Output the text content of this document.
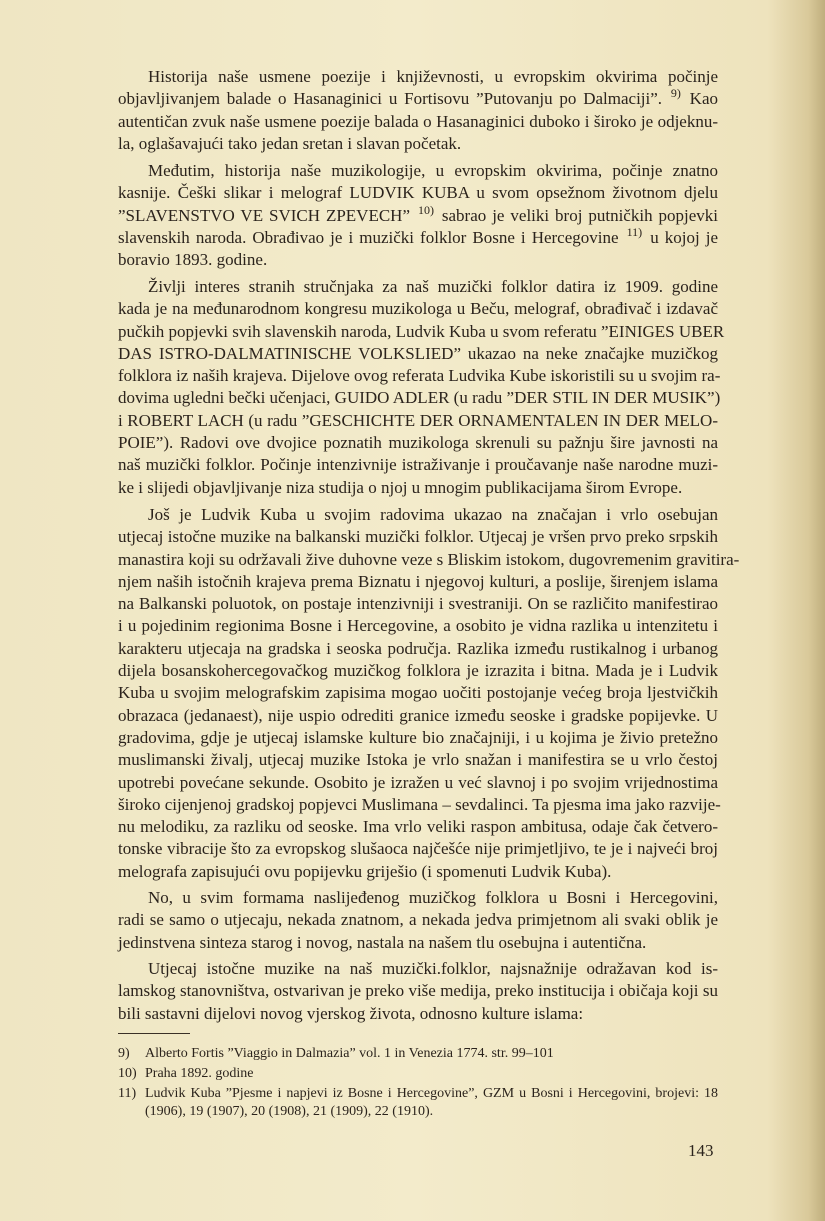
Historija naše usmene poezije i književnosti, u evropskim okvirima počinje
objavljivanjem balade o Hasanaginici u Fortisovu ”Putovanju po Dalmaciji”. $^{9)}$ Kao
autentičan zvuk naše usmene poezije balada o Hasanaginici duboko i široko je odjeknu-
la, oglašavajući tako jedan sretan i slavan početak.
Međutim, historija naše muzikologije, u evropskim okvirima, počinje znatno
kasnije. Češki slikar i melograf LUDVIK KUBA u svom opsežnom životnom djelu
”SLAVENSTVO VE SVICH ZPEVECH” $^{10)}$ sabrao je veliki broj putničkih popjevki
slavenskih naroda. Obrađivao je i muzički folklor Bosne i Hercegovine $^{11)}$ u kojoj je
boravio 1893. godine.
Življi interes stranih stručnjaka za naš muzički folklor datira iz 1909. godine
kada je na međunarodnom kongresu muzikologa u Beču, melograf, obrađivač i izdavač
pučkih popjevki svih slavenskih naroda, Ludvik Kuba u svom referatu ”EINIGES UBER
DAS ISTRO-DALMATINISCHE VOLKSLIED” ukazao na neke značajke muzičkog
folklora iz naših krajeva. Dijelove ovog referata Ludvika Kube iskoristili su u svojim ra-
dovima ugledni bečki učenjaci, GUIDO ADLER (u radu ”DER STIL IN DER MUSIK”)
i ROBERT LACH (u radu ”GESCHICHTE DER ORNAMENTALEN IN DER MELO-
POIE”). Radovi ove dvojice poznatih muzikologa skrenuli su pažnju šire javnosti na
naš muzički folklor. Počinje intenzivnije istraživanje i proučavanje naše narodne muzi-
ke i slijedi objavljivanje niza studija o njoj u mnogim publikacijama širom Evrope.
Još je Ludvik Kuba u svojim radovima ukazao na značajan i vrlo osebujan
utjecaj istočne muzike na balkanski muzički folklor. Utjecaj je vršen prvo preko srpskih
manastira koji su održavali žive duhovne veze s Bliskim istokom, dugovremenim gravitira-
njem naših istočnih krajeva prema Biznatu i njegovoj kulturi, a poslije, širenjem islama
na Balkanski poluotok, on postaje intenzivniji i svestraniji. On se različito manifestirao
i u pojedinim regionima Bosne i Hercegovine, a osobito je vidna razlika u intenzitetu i
karakteru utjecaja na gradska i seoska područja. Razlika između rustikalnog i urbanog
dijela bosanskohercegovačkog muzičkog folklora je izrazita i bitna. Mada je i Ludvik
Kuba u svojim melografskim zapisima mogao uočiti postojanje većeg broja ljestvičkih
obrazaca (jedanaest), nije uspio odrediti granice između seoske i gradske popijevke. U
gradovima, gdje je utjecaj islamske kulture bio značajniji, i u kojima je živio pretežno
muslimanski živalj, utjecaj muzike Istoka je vrlo snažan i manifestira se u vrlo čestoj
upotrebi povećane sekunde. Osobito je izražen u već slavnoj i po svojim vrijednostima
široko cijenjenoj gradskoj popjevci Muslimana – sevdalinci. Ta pjesma ima jako razvije-
nu melodiku, za razliku od seoske. Ima vrlo veliki raspon ambitusa, odaje čak četvero-
tonske vibracije što za evropskog slušaoca najčešće nije primjetljivo, te je i najveći broj
melografa zapisujući ovu popijevku griješio (i spomenuti Ludvik Kuba).
No, u svim formama naslijeđenog muzičkog folklora u Bosni i Hercegovini,
radi se samo o utjecaju, nekada znatnom, a nekada jedva primjetnom ali svaki oblik je
jedinstvena sinteza starog i novog, nastala na našem tlu osebujna i autentična.
Utjecaj istočne muzike na naš muzički.folklor, najsnažnije odražavan kod is-
lamskog stanovništva, ostvarivan je preko više medija, preko institucija i običaja koji su
bili sastavni dijelovi novog vjerskog života, odnosno kulture islama:
9) Alberto Fortis ”Viaggio in Dalmazia” vol. 1 in Venezia 1774. str. 99–101
10) Praha 1892. godine
11) Ludvik Kuba ”Pjesme i napjevi iz Bosne i Hercegovine”, GZM u Bosni i Hercegovini, brojevi: 18
(1906), 19 (1907), 20 (1908), 21 (1909), 22 (1910).
143
